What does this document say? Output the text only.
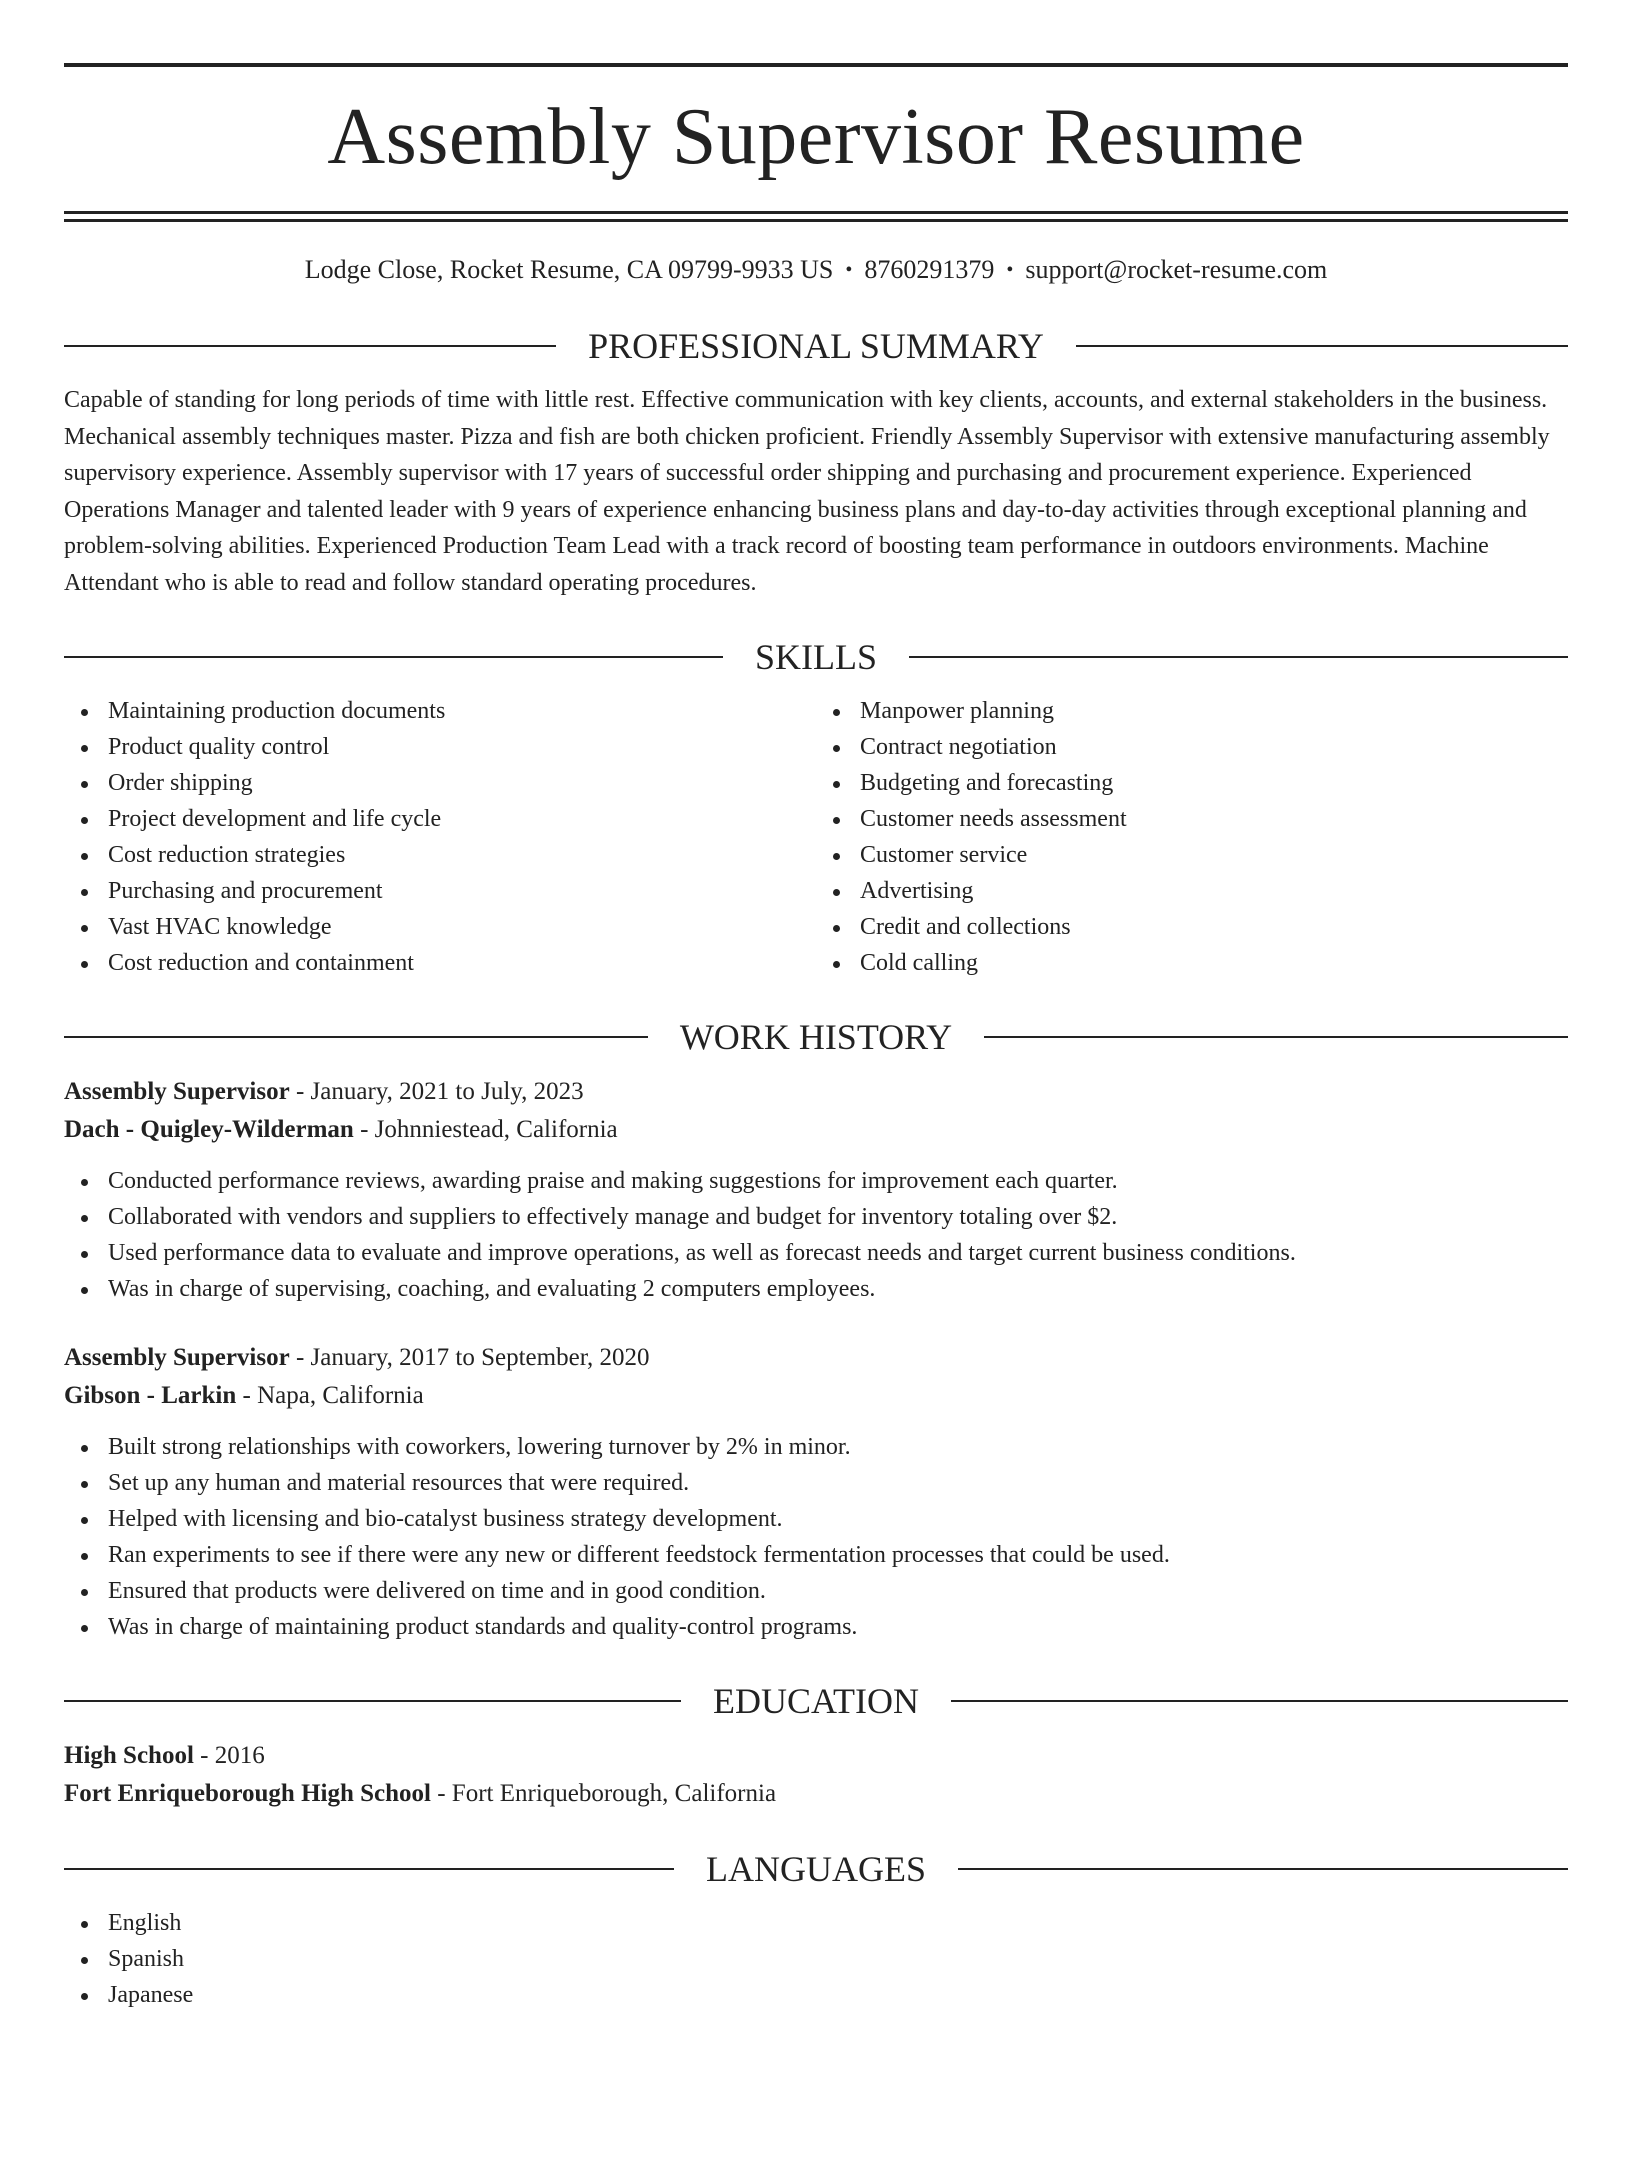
Assembly Supervisor Resume
Lodge Close, Rocket Resume, CA 09799-9933 US • 8760291379 • support@rocket-resume.com
PROFESSIONAL SUMMARY

Capable of standing for long periods of time with little rest. Effective communication with key clients, accounts, and external stakeholders in the business. Mechanical assembly techniques master. Pizza and fish are both chicken proficient. Friendly Assembly Supervisor with extensive manufacturing assembly supervisory experience. Assembly supervisor with 17 years of successful order shipping and purchasing and procurement experience. Experienced Operations Manager and talented leader with 9 years of experience enhancing business plans and day-to-day activities through exceptional planning and problem-solving abilities. Experienced Production Team Lead with a track record of boosting team performance in outdoors environments. Machine Attendant who is able to read and follow standard operating procedures.

SKILLS
Maintaining production documents
Product quality control
Order shipping
Project development and life cycle
Cost reduction strategies
Purchasing and procurement
Vast HVAC knowledge
Cost reduction and containment
Manpower planning
Contract negotiation
Budgeting and forecasting
Customer needs assessment
Customer service
Advertising
Credit and collections
Cold calling
WORK HISTORY
Assembly Supervisor - January, 2021 to July, 2023
Dach - Quigley-Wilderman - Johnniestead, California
Conducted performance reviews, awarding praise and making suggestions for improvement each quarter.
Collaborated with vendors and suppliers to effectively manage and budget for inventory totaling over $2.
Used performance data to evaluate and improve operations, as well as forecast needs and target current business conditions.
Was in charge of supervising, coaching, and evaluating 2 computers employees.
Assembly Supervisor - January, 2017 to September, 2020
Gibson - Larkin - Napa, California
Built strong relationships with coworkers, lowering turnover by 2% in minor.
Set up any human and material resources that were required.
Helped with licensing and bio-catalyst business strategy development.
Ran experiments to see if there were any new or different feedstock fermentation processes that could be used.
Ensured that products were delivered on time and in good condition.
Was in charge of maintaining product standards and quality-control programs.
EDUCATION
High School - 2016
Fort Enriqueborough High School - Fort Enriqueborough, California
LANGUAGES
English
Spanish
Japanese
